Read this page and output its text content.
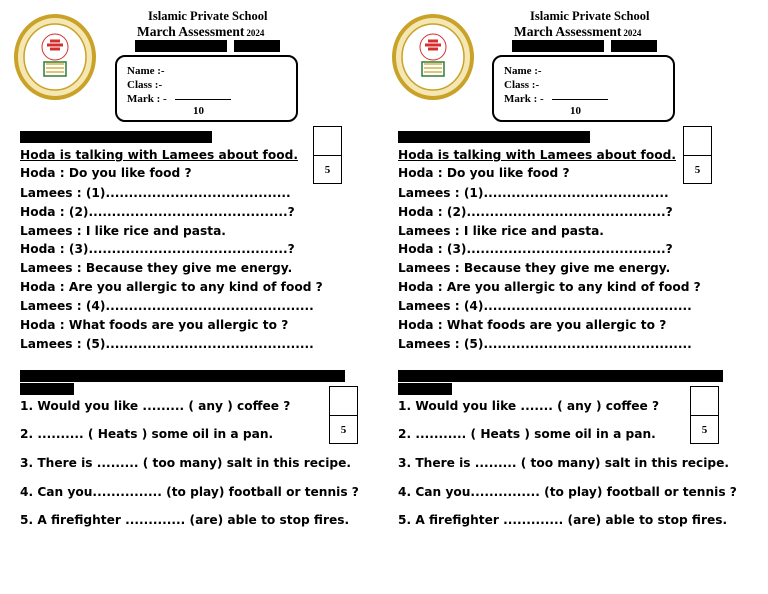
Islamic Private School
March Assessment 2024
Name :-
Class :-
Mark : -
10
5
Hoda is talking with Lamees about food.
Hoda : Do you like food ?
Lamees : (1)........................................
Hoda : (2)...........................................?
Lamees : I like rice and pasta.
Hoda : (3)...........................................?
Lamees : Because they give me energy.
Hoda : Are you allergic to any kind of food ?
Lamees : (4).............................................
Hoda : What foods are you allergic to ?
Lamees : (5).............................................
5
1. Would you like ......... ( any ) coffee ?
2. .......... ( Heats ) some oil in a pan.
3. There is ......... ( too many) salt in this recipe.
4. Can you............... (to play) football or tennis ?
5. A firefighter ............. (are) able to stop fires.
Islamic Private School
March Assessment 2024
Name :-
Class :-
Mark : -
10
5
Hoda is talking with Lamees about food.
Hoda : Do you like food ?
Lamees : (1)........................................
Hoda : (2)...........................................?
Lamees : I like rice and pasta.
Hoda : (3)...........................................?
Lamees : Because they give me energy.
Hoda : Are you allergic to any kind of food ?
Lamees : (4).............................................
Hoda : What foods are you allergic to ?
Lamees : (5).............................................
5
1. Would you like ....... ( any ) coffee ?
2. ........... ( Heats ) some oil in a pan.
3. There is ......... ( too many) salt in this recipe.
4. Can you............... (to play) football or tennis ?
5. A firefighter ............. (are) able to stop fires.
